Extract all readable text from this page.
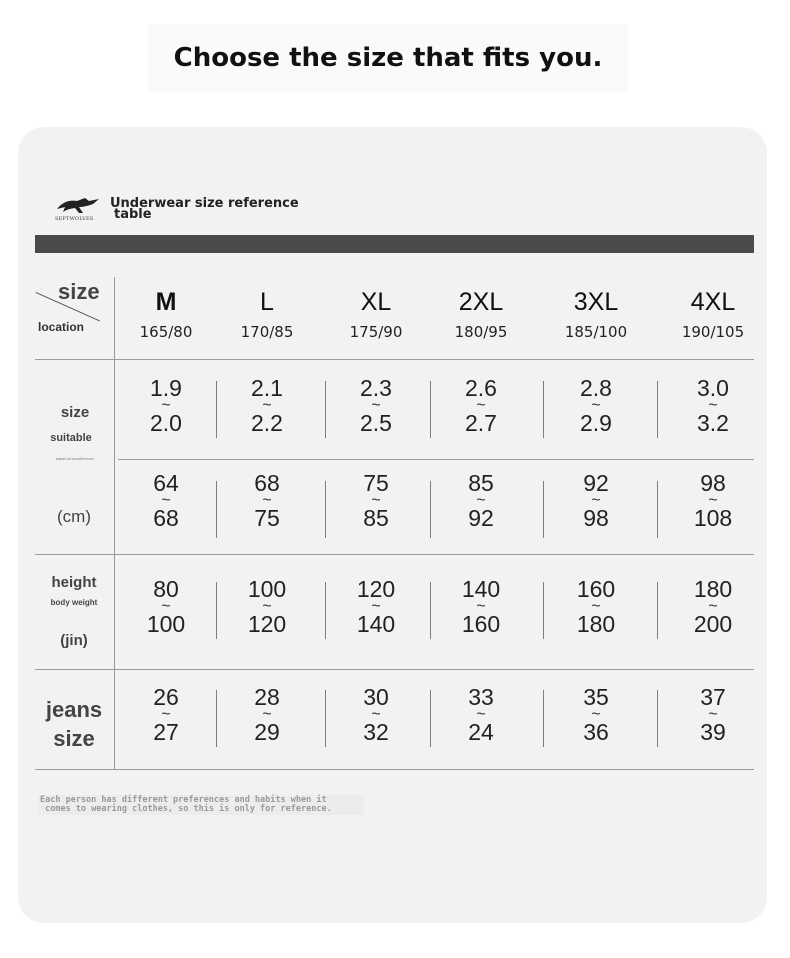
Choose the size that fits you.
SEPTWOLVES
Underwear size reference
table
size
location
M
165/80
L
170/85
XL
175/90
2XL
180/95
3XL
185/100
4XL
190/105
size
suitable
waist circumference
(cm)
height
body weight
(jin)
jeans
size
1.9
~
2.0
2.1
~
2.2
2.3
~
2.5
2.6
~
2.7
2.8
~
2.9
3.0
~
3.2
64
~
68
68
~
75
75
~
85
85
~
92
92
~
98
98
~
108
80
~
100
100
~
120
120
~
140
140
~
160
160
~
180
180
~
200
26
~
27
28
~
29
30
~
32
33
~
24
35
~
36
37
~
39
Each person has different preferences and habits when it
comes to wearing clothes, so this is only for reference.
